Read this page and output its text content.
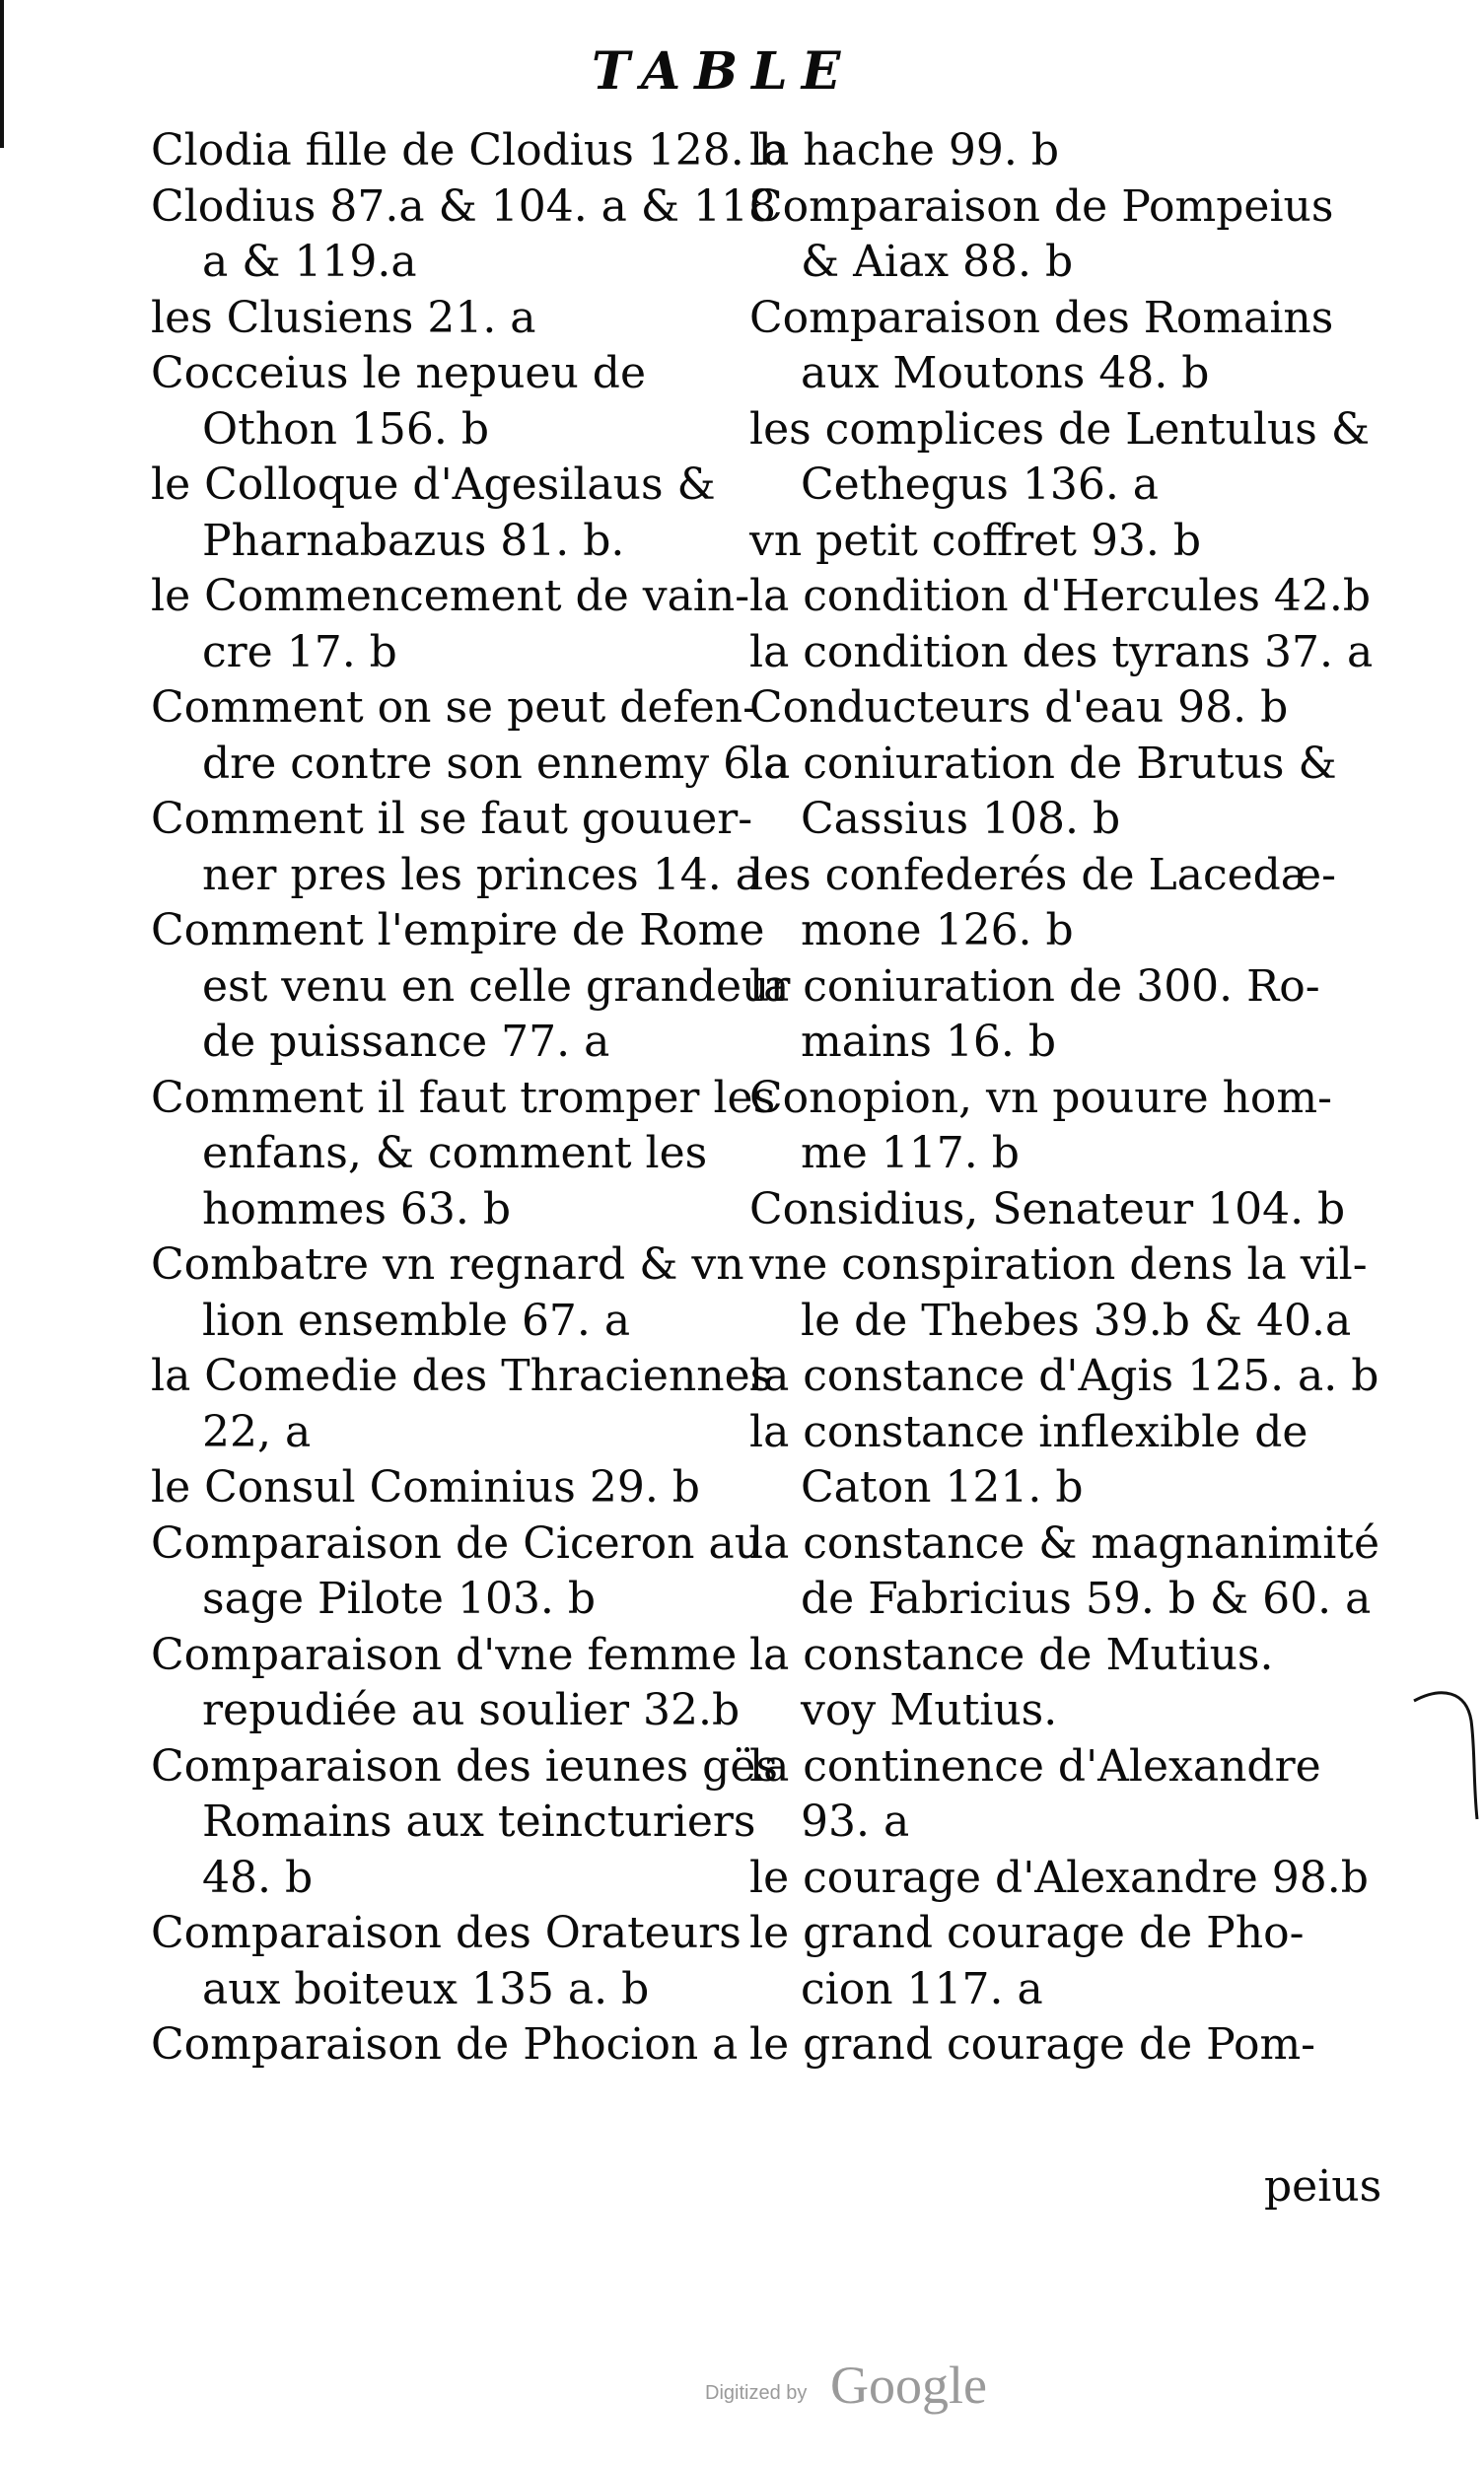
TABLE
Clodia fille de Clodius 128. b
Clodius 87.a & 104. a & 118
a & 119.a
les Clusiens 21. a
Cocceius le nepueu de
Othon 156. b
le Colloque d'Agesilaus &
Pharnabazus 81. b.
le Commencement de vain-
cre 17. b
Comment on se peut defen-
dre contre son ennemy 6.a
Comment il se faut gouuer-
ner pres les princes 14. a
Comment l'empire de Rome
est venu en celle grandeur
de puissance 77. a
Comment il faut tromper les
enfans, & comment les
hommes 63. b
Combatre vn regnard & vn
lion ensemble 67. a
la Comedie des Thraciennes
22, a
le Consul Cominius 29. b
Comparaison de Ciceron au
sage Pilote 103. b
Comparaison d'vne femme
repudiée au soulier 32.b
Comparaison des ieunes gës
Romains aux teincturiers
48. b
Comparaison des Orateurs
aux boiteux 135 a. b
Comparaison de Phocion a
la hache 99. b
Comparaison de Pompeius
& Aiax 88. b
Comparaison des Romains
aux Moutons 48. b
les complices de Lentulus &
Cethegus 136. a
vn petit coffret 93. b
la condition d'Hercules 42.b
la condition des tyrans 37. a
Conducteurs d'eau 98. b
la coniuration de Brutus &
Cassius 108. b
les confederés de Lacedæ-
mone 126. b
la coniuration de 300. Ro-
mains 16. b
Conopion, vn pouure hom-
me 117. b
Considius, Senateur 104. b
vne conspiration dens la vil-
le de Thebes 39.b & 40.a
la constance d'Agis 125. a. b
la constance inflexible de
Caton 121. b
la constance & magnanimité
de Fabricius 59. b & 60. a
la constance de Mutius.
voy Mutius.
la continence d'Alexandre
93. a
le courage d'Alexandre 98.b
le grand courage de Pho-
cion 117. a
le grand courage de Pom-
peius
Digitized by Google
